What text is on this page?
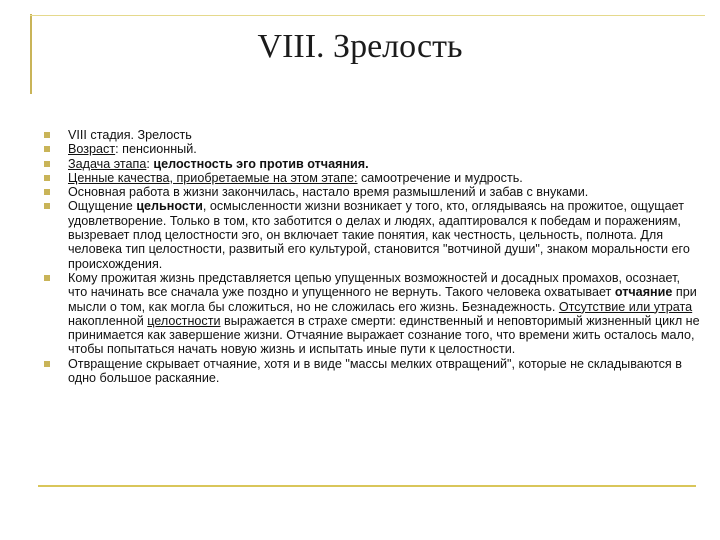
VIII. Зрелость

VIII стадия. Зрелость

Возраст: пенсионный.

Задача этапа: целостность эго против отчаяния.

Ценные качества, приобретаемые на этом этапе: самоотречение и мудрость.

Основная работа в жизни закончилась, настало время размышлений и забав с внуками.

Ощущение цельности, осмысленности жизни возникает у того, кто, оглядываясь на прожитое, ощущает удовлетворение. Только в том, кто заботится о делах и людях, адаптировался к победам и поражениям, вызревает плод целостности эго, он включает такие понятия, как честность, цельность, полнота. Для человека тип целостности, развитый его культурой, становится "вотчиной души", знаком моральности его происхождения.

Кому прожитая жизнь представляется цепью упущенных возможностей и досадных промахов, осознает, что начинать все сначала уже поздно и упущенного не вернуть. Такого человека охватывает отчаяние при мысли о том, как могла бы сложиться, но не сложилась его жизнь. Безнадежность. Отсутствие или утрата накопленной целостности выражается в страхе смерти: единственный и неповторимый жизненный цикл не принимается как завершение жизни. Отчаяние выражает сознание того, что времени жить осталось мало, чтобы попытаться начать новую жизнь и испытать иные пути к целостности.

Отвращение скрывает отчаяние, хотя и в виде "массы мелких отвращений", которые не складываются в одно большое раскаяние.
